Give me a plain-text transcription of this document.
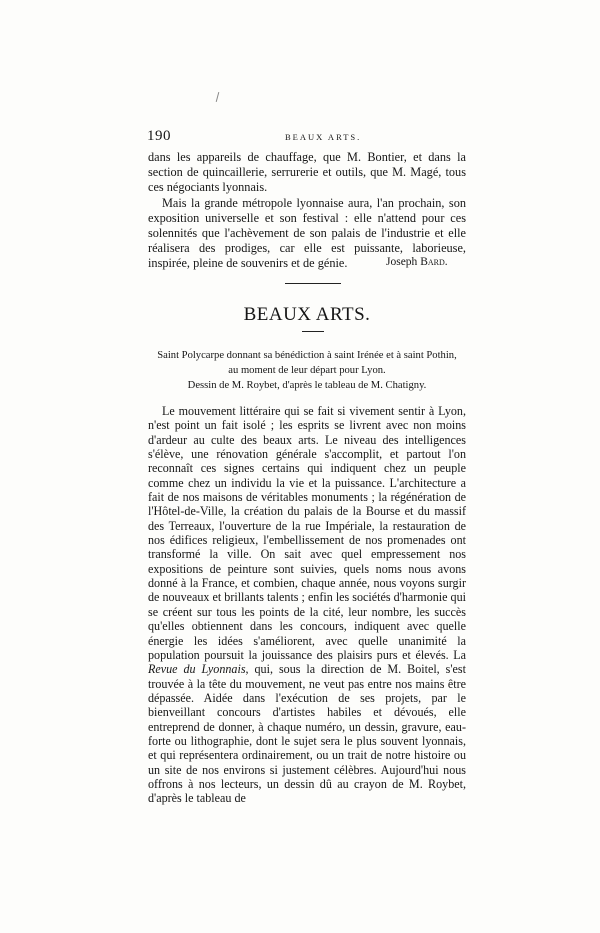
190	BEAUX ARTS.

dans les appareils de chauffage, que M. Bontier, et dans la section de quincaillerie, serrurerie et outils, que M. Magé, tous ces négociants lyonnais.

Mais la grande métropole lyonnaise aura, l'an prochain, son exposition universelle et son festival : elle n'attend pour ces solennités que l'achèvement de son palais de l'industrie et elle réalisera des prodiges, car elle est puissante, laborieuse, inspirée, pleine de souvenirs et de génie.	Joseph Bard.
BEAUX ARTS.
Saint Polycarpe donnant sa bénédiction à saint Irénée et à saint Pothin,
au moment de leur départ pour Lyon.
Dessin de M. Roybet, d'après le tableau de M. Chatigny.

Le mouvement littéraire qui se fait si vivement sentir à Lyon, n'est point un fait isolé ; les esprits se livrent avec non moins d'ardeur au culte des beaux arts. Le niveau des intelligences s'élève, une rénovation générale s'accomplit, et partout l'on reconnaît ces signes certains qui indiquent chez un peuple comme chez un individu la vie et la puissance. L'architecture a fait de nos maisons de véritables monuments ; la régénération de l'Hôtel-de-Ville, la création du palais de la Bourse et du massif des Terreaux, l'ouverture de la rue Impériale, la restauration de nos édifices religieux, l'embellissement de nos promenades ont transformé la ville. On sait avec quel empressement nos expositions de peinture sont suivies, quels noms nous avons donné à la France, et combien, chaque année, nous voyons surgir de nouveaux et brillants talents ; enfin les sociétés d'harmonie qui se créent sur tous les points de la cité, leur nombre, les succès qu'elles obtiennent dans les concours, indiquent avec quelle énergie les idées s'améliorent, avec quelle unanimité la population poursuit la jouissance des plaisirs purs et élevés. La Revue du Lyonnais, qui, sous la direction de M. Boitel, s'est trouvée à la tête du mouvement, ne veut pas entre nos mains être dépassée. Aidée dans l'exécution de ses projets, par le bienveillant concours d'artistes habiles et dévoués, elle entreprend de donner, à chaque numéro, un dessin, gravure, eau-forte ou lithographie, dont le sujet sera le plus souvent lyonnais, et qui représentera ordinairement, ou un trait de notre histoire ou un site de nos environs si justement célèbres. Aujourd'hui nous offrons à nos lecteurs, un dessin dû au crayon de M. Roybet, d'après le tableau de
